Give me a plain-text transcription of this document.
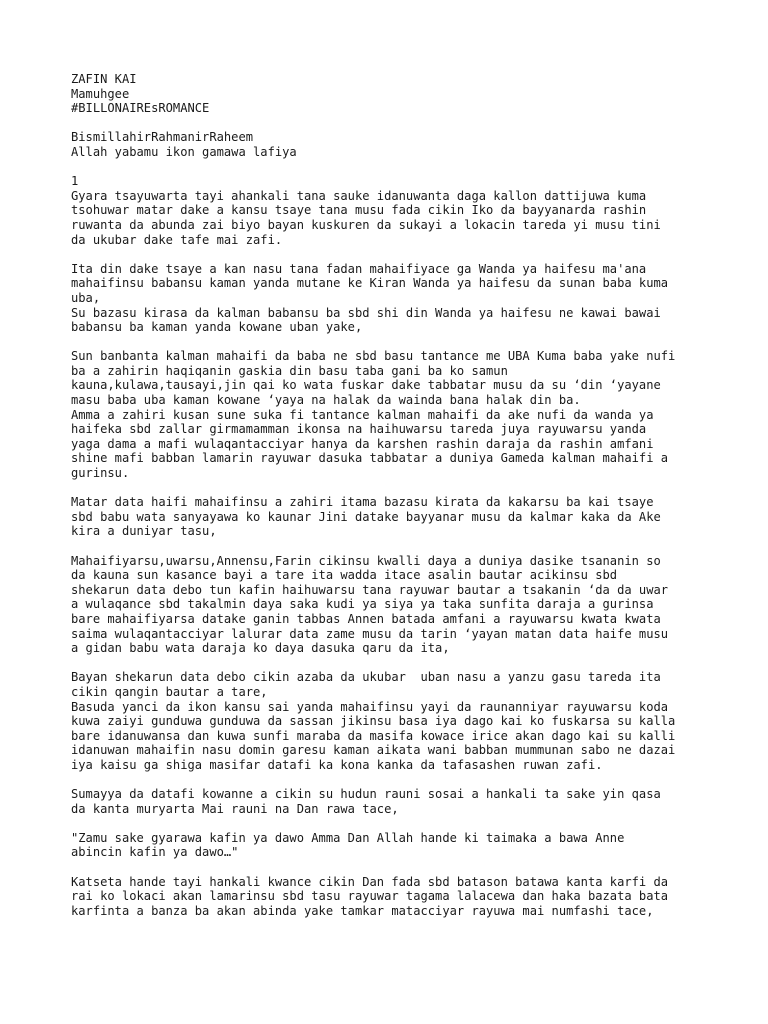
ZAFIN KAI
Mamuhgee
#BILLONAIREsROMANCE
BismillahirRahmanirRaheem
Allah yabamu ikon gamawa lafiya
1
Gyara tsayuwarta tayi ahankali tana sauke idanuwanta daga kallon dattijuwa kuma
tsohuwar matar dake a kansu tsaye tana musu fada cikin Iko da bayyanarda rashin
ruwanta da abunda zai biyo bayan kuskuren da sukayi a lokacin tareda yi musu tini
da ukubar dake tafe mai zafi.
Ita din dake tsaye a kan nasu tana fadan mahaifiyace ga Wanda ya haifesu ma'ana
mahaifinsu babansu kaman yanda mutane ke Kiran Wanda ya haifesu da sunan baba kuma
uba,
Su bazasu kirasa da kalman babansu ba sbd shi din Wanda ya haifesu ne kawai bawai
babansu ba kaman yanda kowane uban yake,
Sun banbanta kalman mahaifi da baba ne sbd basu tantance me UBA Kuma baba yake nufi
ba a zahirin haqiqanin gaskia din basu taba gani ba ko samun
kauna,kulawa,tausayi,jin qai ko wata fuskar dake tabbatar musu da su ‘din ‘yayane
masu baba uba kaman kowane ‘yaya na halak da wainda bana halak din ba.
Amma a zahiri kusan sune suka fi tantance kalman mahaifi da ake nufi da wanda ya
haifeka sbd zallar girmamamman ikonsa na haihuwarsu tareda juya rayuwarsu yanda
yaga dama a mafi wulaqantacciyar hanya da karshen rashin daraja da rashin amfani
shine mafi babban lamarin rayuwar dasuka tabbatar a duniya Gameda kalman mahaifi a
gurinsu.
Matar data haifi mahaifinsu a zahiri itama bazasu kirata da kakarsu ba kai tsaye
sbd babu wata sanyayawa ko kaunar Jini datake bayyanar musu da kalmar kaka da Ake
kira a duniyar tasu,
Mahaifiyarsu,uwarsu,Annensu,Farin cikinsu kwalli daya a duniya dasike tsananin so
da kauna sun kasance bayi a tare ita wadda itace asalin bautar acikinsu sbd
shekarun data debo tun kafin haihuwarsu tana rayuwar bautar a tsakanin ‘da da uwar
a wulaqance sbd takalmin daya saka kudi ya siya ya taka sunfita daraja a gurinsa
bare mahaifiyarsa datake ganin tabbas Annen batada amfani a rayuwarsu kwata kwata
saima wulaqantacciyar lalurar data zame musu da tarin ‘yayan matan data haife musu
a gidan babu wata daraja ko daya dasuka qaru da ita,
Bayan shekarun data debo cikin azaba da ukubar  uban nasu a yanzu gasu tareda ita
cikin qangin bautar a tare,
Basuda yanci da ikon kansu sai yanda mahaifinsu yayi da raunanniyar rayuwarsu koda
kuwa zaiyi gunduwa gunduwa da sassan jikinsu basa iya dago kai ko fuskarsa su kalla
bare idanuwansa dan kuwa sunfi maraba da masifa kowace irice akan dago kai su kalli
idanuwan mahaifin nasu domin garesu kaman aikata wani babban mummunan sabo ne dazai
iya kaisu ga shiga masifar datafi ka kona kanka da tafasashen ruwan zafi.
Sumayya da datafi kowanne a cikin su hudun rauni sosai a hankali ta sake yin qasa
da kanta muryarta Mai rauni na Dan rawa tace,
"Zamu sake gyarawa kafin ya dawo Amma Dan Allah hande ki taimaka a bawa Anne
abincin kafin ya dawo…"
Katseta hande tayi hankali kwance cikin Dan fada sbd batason batawa kanta karfi da
rai ko lokaci akan lamarinsu sbd tasu rayuwar tagama lalacewa dan haka bazata bata
karfinta a banza ba akan abinda yake tamkar matacciyar rayuwa mai numfashi tace,
